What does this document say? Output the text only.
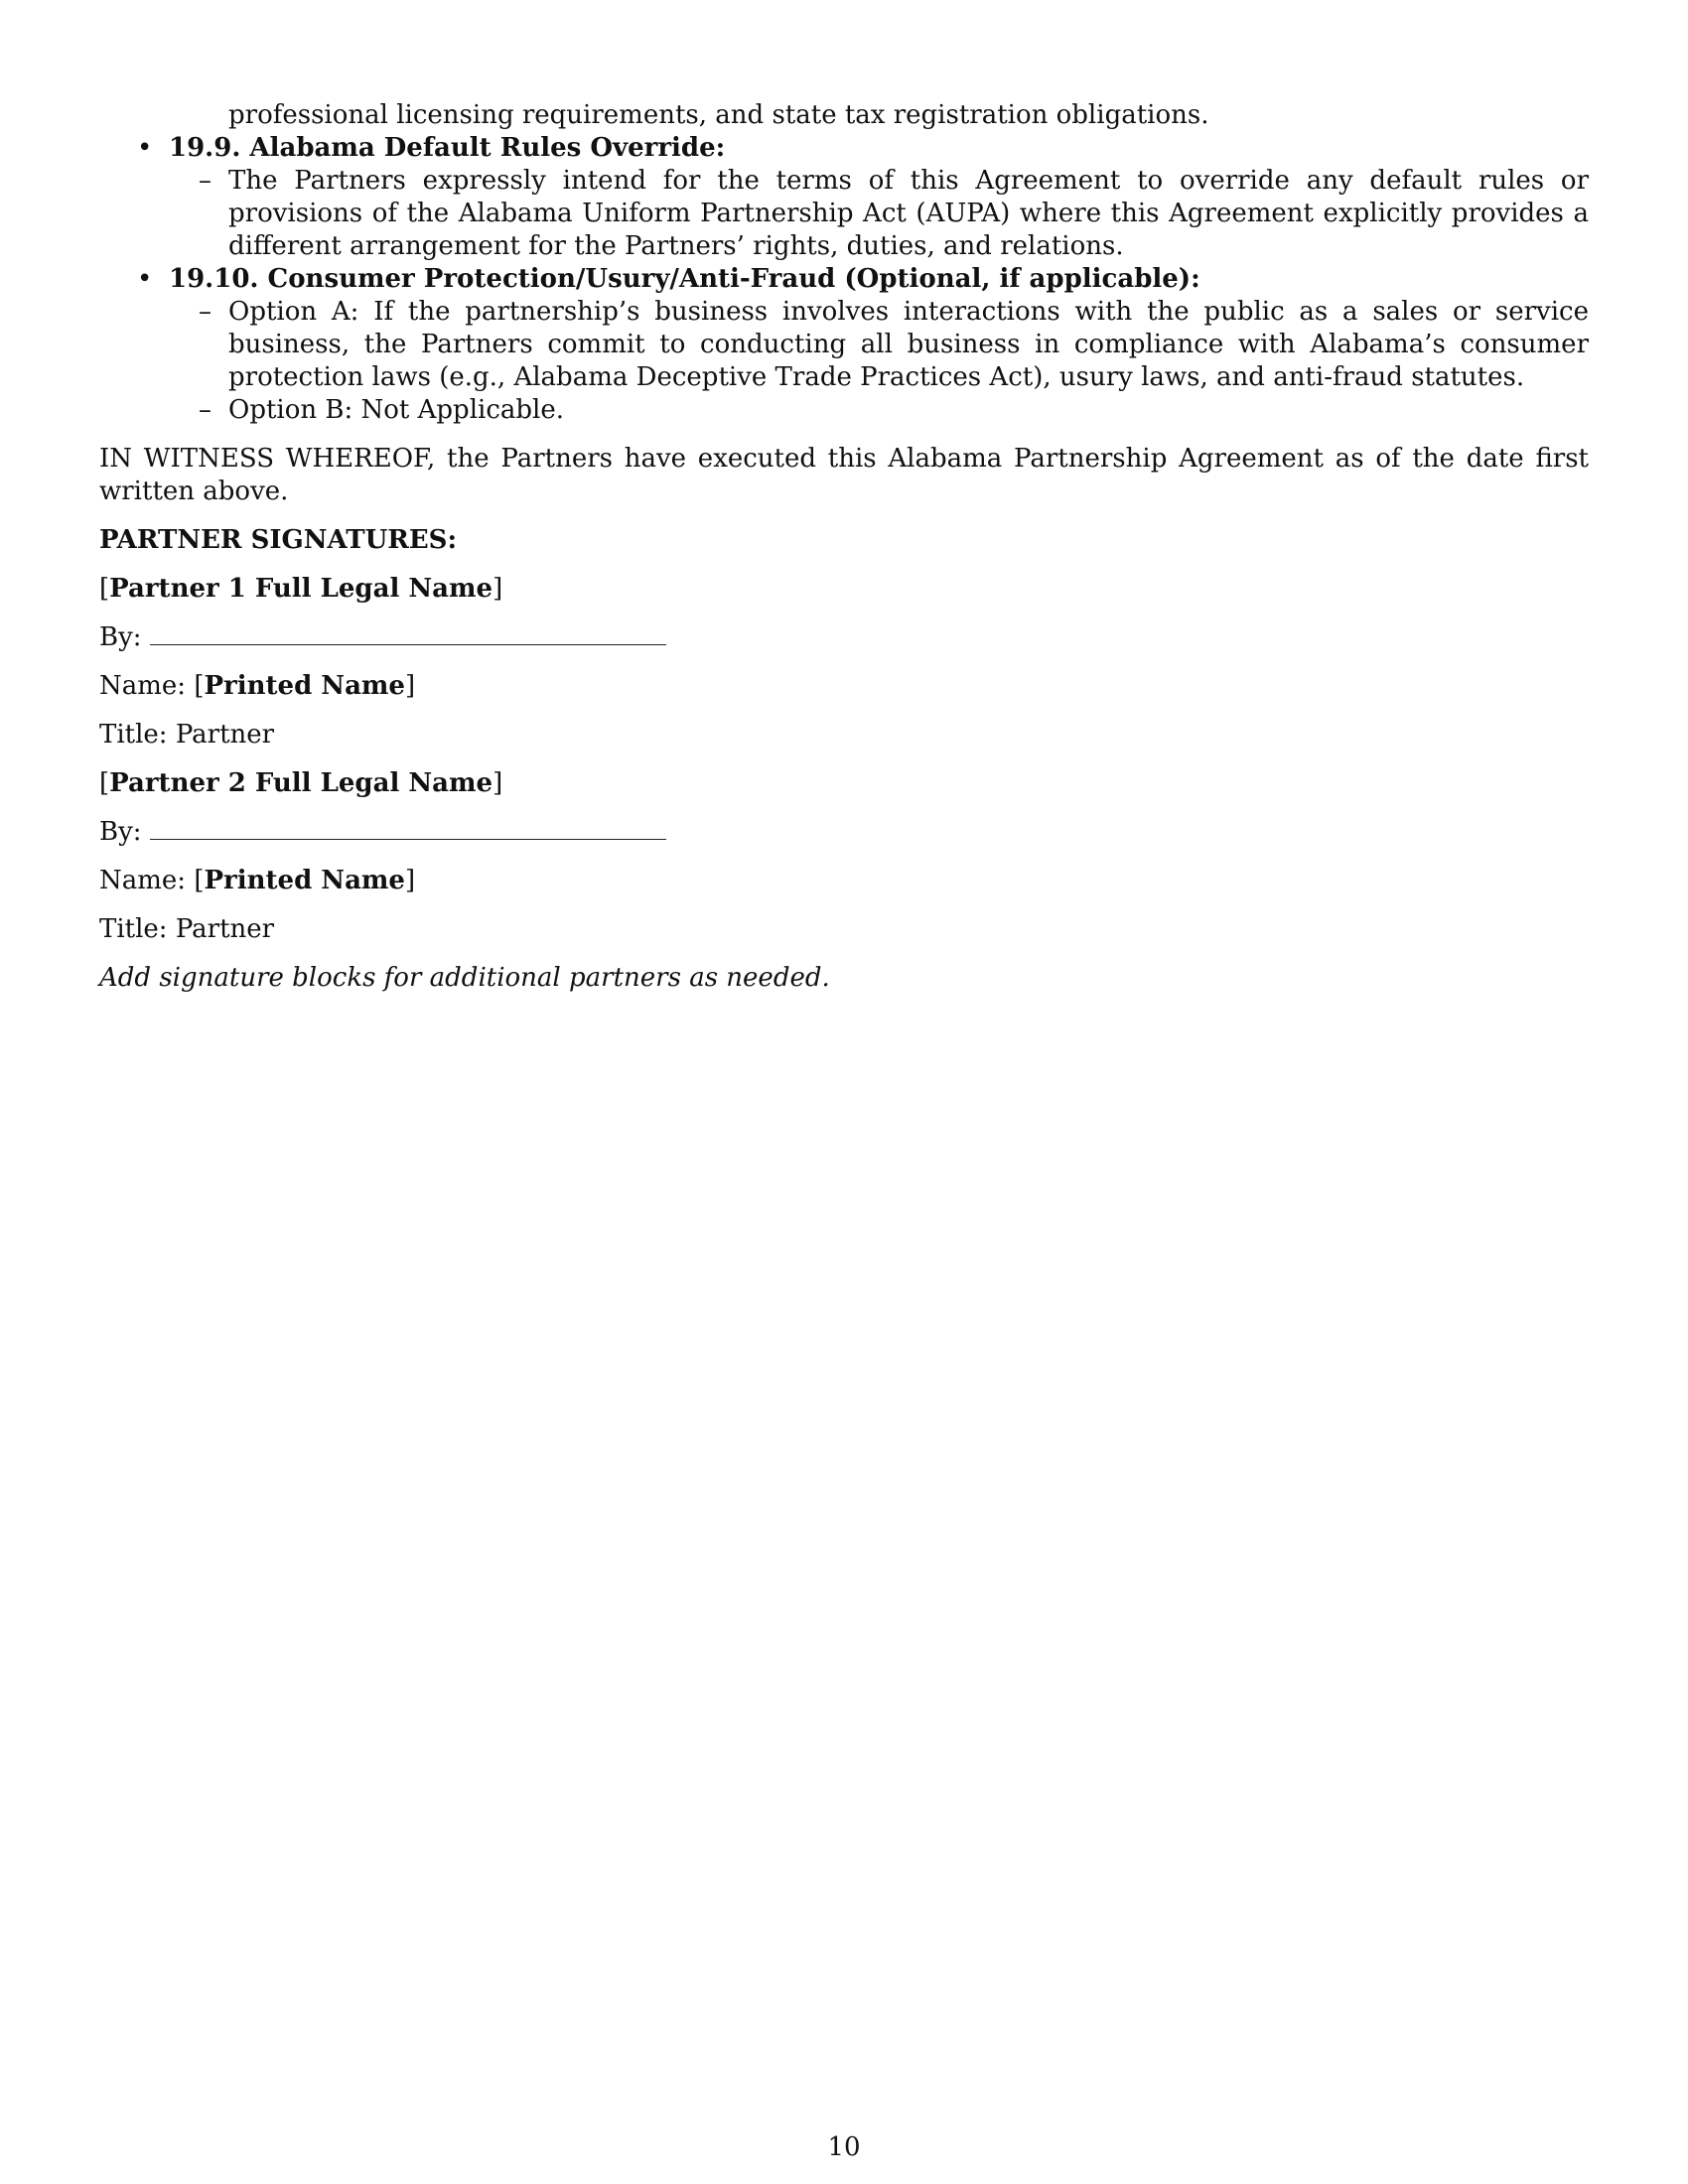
professional licensing requirements, and state tax registration obligations.
• 19.9. Alabama Default Rules Override:
– The Partners expressly intend for the terms of this Agreement to override any default rules or provisions of the Alabama Uniform Partnership Act (AUPA) where this Agreement explicitly provides a different arrangement for the Partners’ rights, duties, and relations.
• 19.10. Consumer Protection/Usury/Anti-Fraud (Optional, if applicable):
– Option A: If the partnership’s business involves interactions with the public as a sales or service business, the Partners commit to conducting all business in compliance with Alabama’s consumer protection laws (e.g., Alabama Deceptive Trade Practices Act), usury laws, and anti-fraud statutes.
– Option B: Not Applicable.
IN WITNESS WHEREOF, the Partners have executed this Alabama Partnership Agreement as of the date first written above.
PARTNER SIGNATURES:
[Partner 1 Full Legal Name]
By:
Name: [Printed Name]
Title: Partner
[Partner 2 Full Legal Name]
By:
Name: [Printed Name]
Title: Partner
Add signature blocks for additional partners as needed.
10
